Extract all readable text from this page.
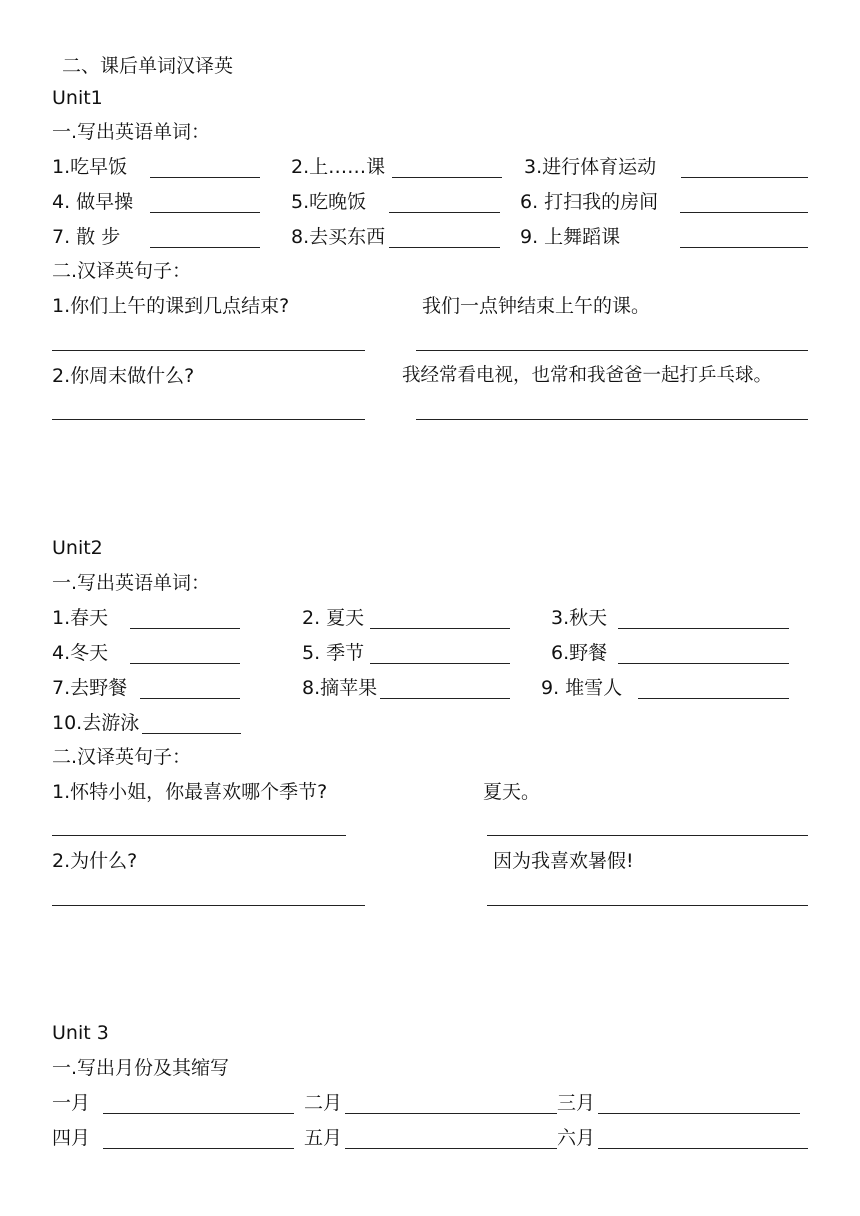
二、课后单词汉译英
Unit1
一.写出英语单词：
1.吃早饭	2.上……课	3.进行体育运动
4. 做早操	5.吃晚饭	6. 打扫我的房间
7. 散 步	8.去买东西	9. 上舞蹈课
二.汉译英句子：
1.你们上午的课到几点结束?	我们一点钟结束上午的课。
2.你周末做什么?	我经常看电视，也常和我爸爸一起打乒乓球。
Unit2
一.写出英语单词：
1.春天	2. 夏天	3.秋天
4.冬天	5. 季节	6.野餐
7.去野餐	8.摘苹果	9. 堆雪人
10.去游泳
二.汉译英句子：
1.怀特小姐，你最喜欢哪个季节?	夏天。
2.为什么?	因为我喜欢暑假!
Unit 3
一.写出月份及其缩写
一月	二月	三月
四月	五月	六月
